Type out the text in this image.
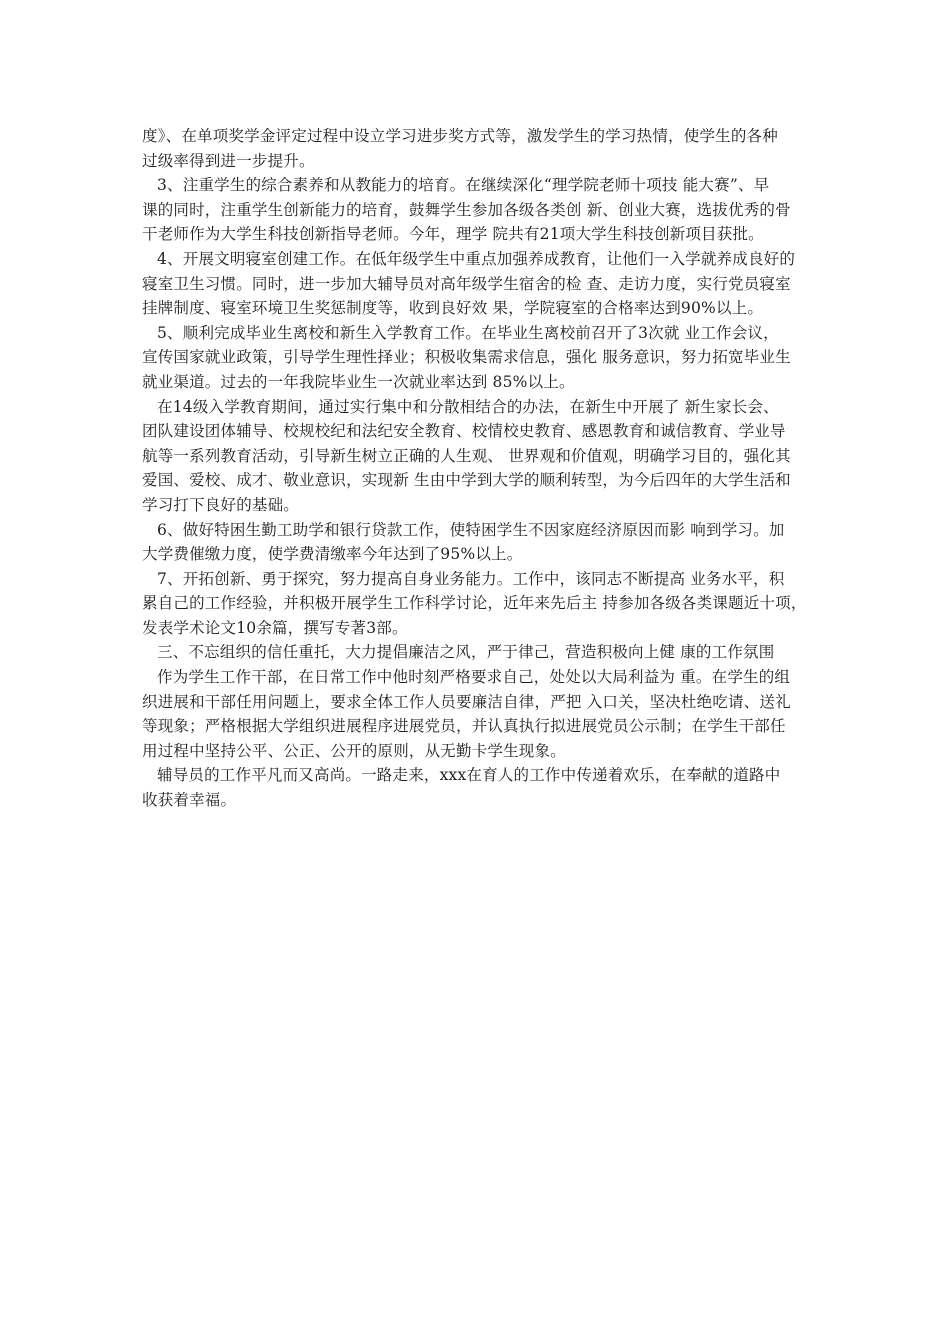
度》、在单项奖学金评定过程中设立学习进步奖方式等，激发学生的学习热情，使学生的各种
过级率得到进一步提升。
3、注重学生的综合素养和从教能力的培育。在继续深化“理学院老师十项技 能大赛”、早
课的同时，注重学生创新能力的培育，鼓舞学生参加各级各类创 新、创业大赛，选拔优秀的骨
干老师作为大学生科技创新指导老师。今年，理学 院共有21项大学生科技创新项目获批。
4、开展文明寝室创建工作。在低年级学生中重点加强养成教育，让他们一入学就养成良好的
寝室卫生习惯。同时，进一步加大辅导员对高年级学生宿舍的检 查、走访力度，实行党员寝室
挂牌制度、寝室环境卫生奖惩制度等，收到良好效 果，学院寝室的合格率达到90%以上。
5、顺利完成毕业生离校和新生入学教育工作。在毕业生离校前召开了3次就 业工作会议，
宣传国家就业政策，引导学生理性择业；积极收集需求信息，强化 服务意识，努力拓宽毕业生
就业渠道。过去的一年我院毕业生一次就业率达到 85%以上。
在14级入学教育期间，通过实行集中和分散相结合的办法，在新生中开展了 新生家长会、
团队建设团体辅导、校规校纪和法纪安全教育、校情校史教育、感恩教育和诚信教育、学业导
航等一系列教育活动，引导新生树立正确的人生观、 世界观和价值观，明确学习目的，强化其
爱国、爱校、成才、敬业意识，实现新 生由中学到大学的顺利转型，为今后四年的大学生活和
学习打下良好的基础。
6、做好特困生勤工助学和银行贷款工作，使特困学生不因家庭经济原因而影 响到学习。加
大学费催缴力度，使学费清缴率今年达到了95%以上。
7、开拓创新、勇于探究，努力提高自身业务能力。工作中，该同志不断提高 业务水平，积
累自己的工作经验，并积极开展学生工作科学讨论，近年来先后主 持参加各级各类课题近十项，
发表学术论文10余篇，撰写专著3部。
三、不忘组织的信任重托，大力提倡廉洁之风，严于律己，营造积极向上健 康的工作氛围
作为学生工作干部，在日常工作中他时刻严格要求自己，处处以大局利益为 重。在学生的组
织进展和干部任用问题上，要求全体工作人员要廉洁自律，严把 入口关，坚决杜绝吃请、送礼
等现象；严格根据大学组织进展程序进展党员，并认真执行拟进展党员公示制；在学生干部任
用过程中坚持公平、公正、公开的原则，从无勤卡学生现象。
辅导员的工作平凡而又高尚。一路走来，xxx在育人的工作中传递着欢乐，在奉献的道路中
收获着幸福。
